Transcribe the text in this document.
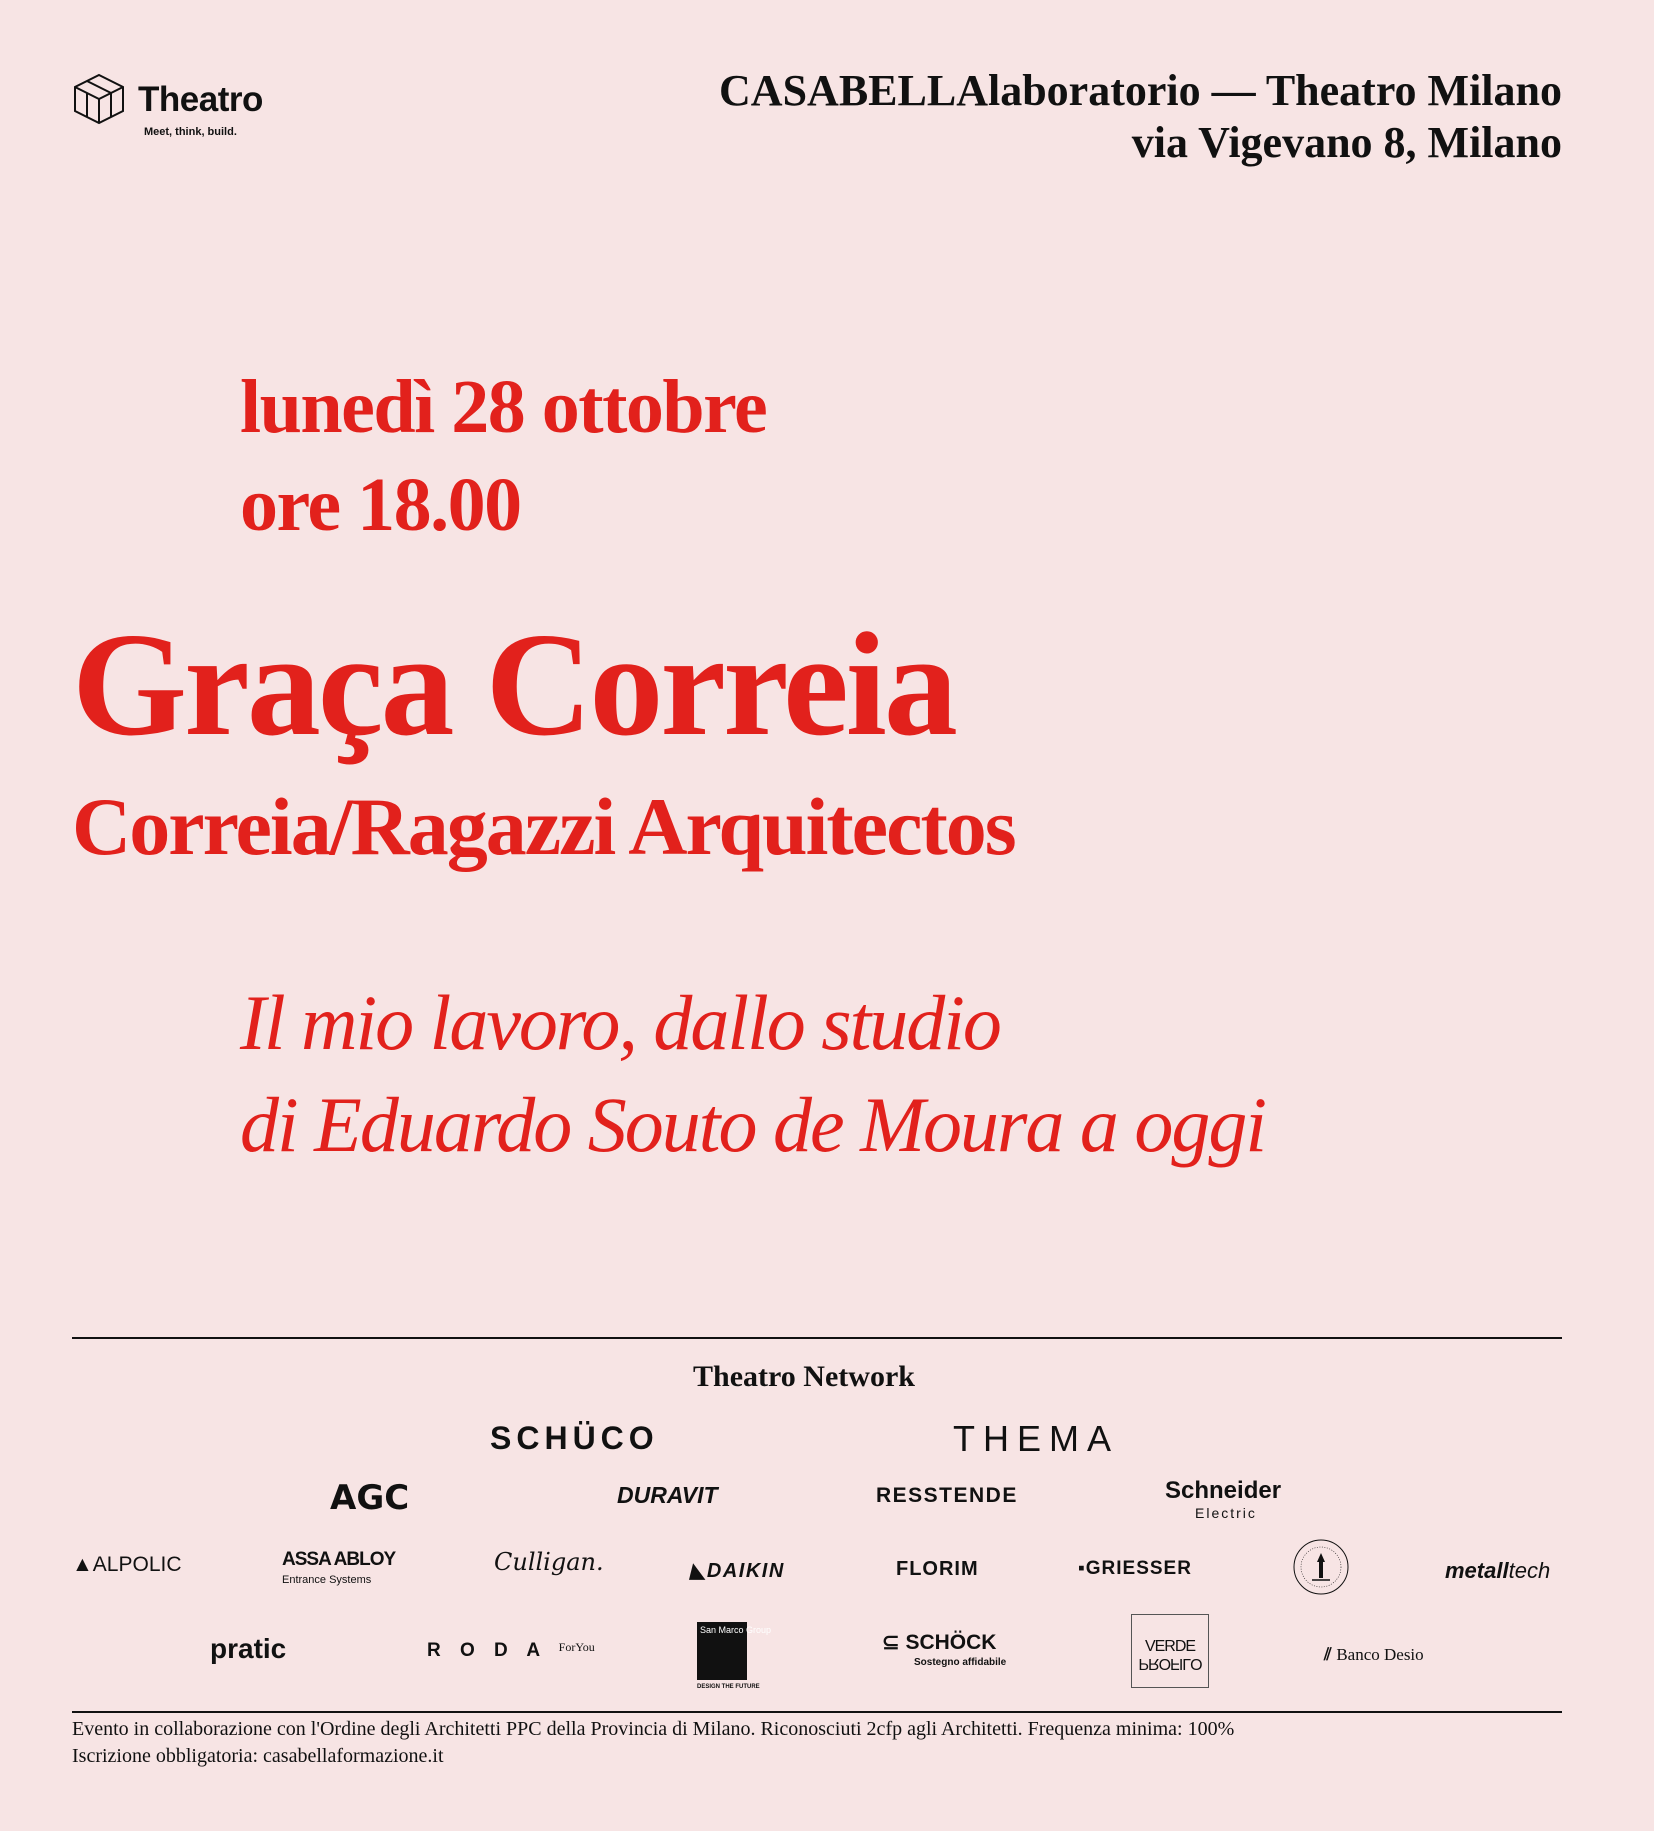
Theatro
Meet, think, build.
CASABELLAlaboratorio — Theatro Milano
via Vigevano 8, Milano
lunedì 28 ottobre
ore 18.00
Graça Correia
Correia/Ragazzi Arquitectos
Il mio lavoro, dallo studio
di Eduardo Souto de Moura a oggi
Theatro Network
SCHÜCO	THEMA
AGC	DURAVIT	RESSTENDE	Schneider
Electric
▲ALPOLIC	ASSA ABLOY
Entrance Systems
Culligan.	◣DAIKIN	FLORIM	▪GRIESSER	metalltech
pratic	R O D A $^{ForYou}$
San Marco Group
DESIGN THE FUTURE
⊆ SCHÖCK
Sostegno affidabile
VERDE
PROFILO	⫽ Banco Desio
Evento in collaborazione con l'Ordine degli Architetti PPC della Provincia di Milano. Riconosciuti 2cfp agli Architetti. Frequenza minima: 100%
Iscrizione obbligatoria: casabellaformazione.it
